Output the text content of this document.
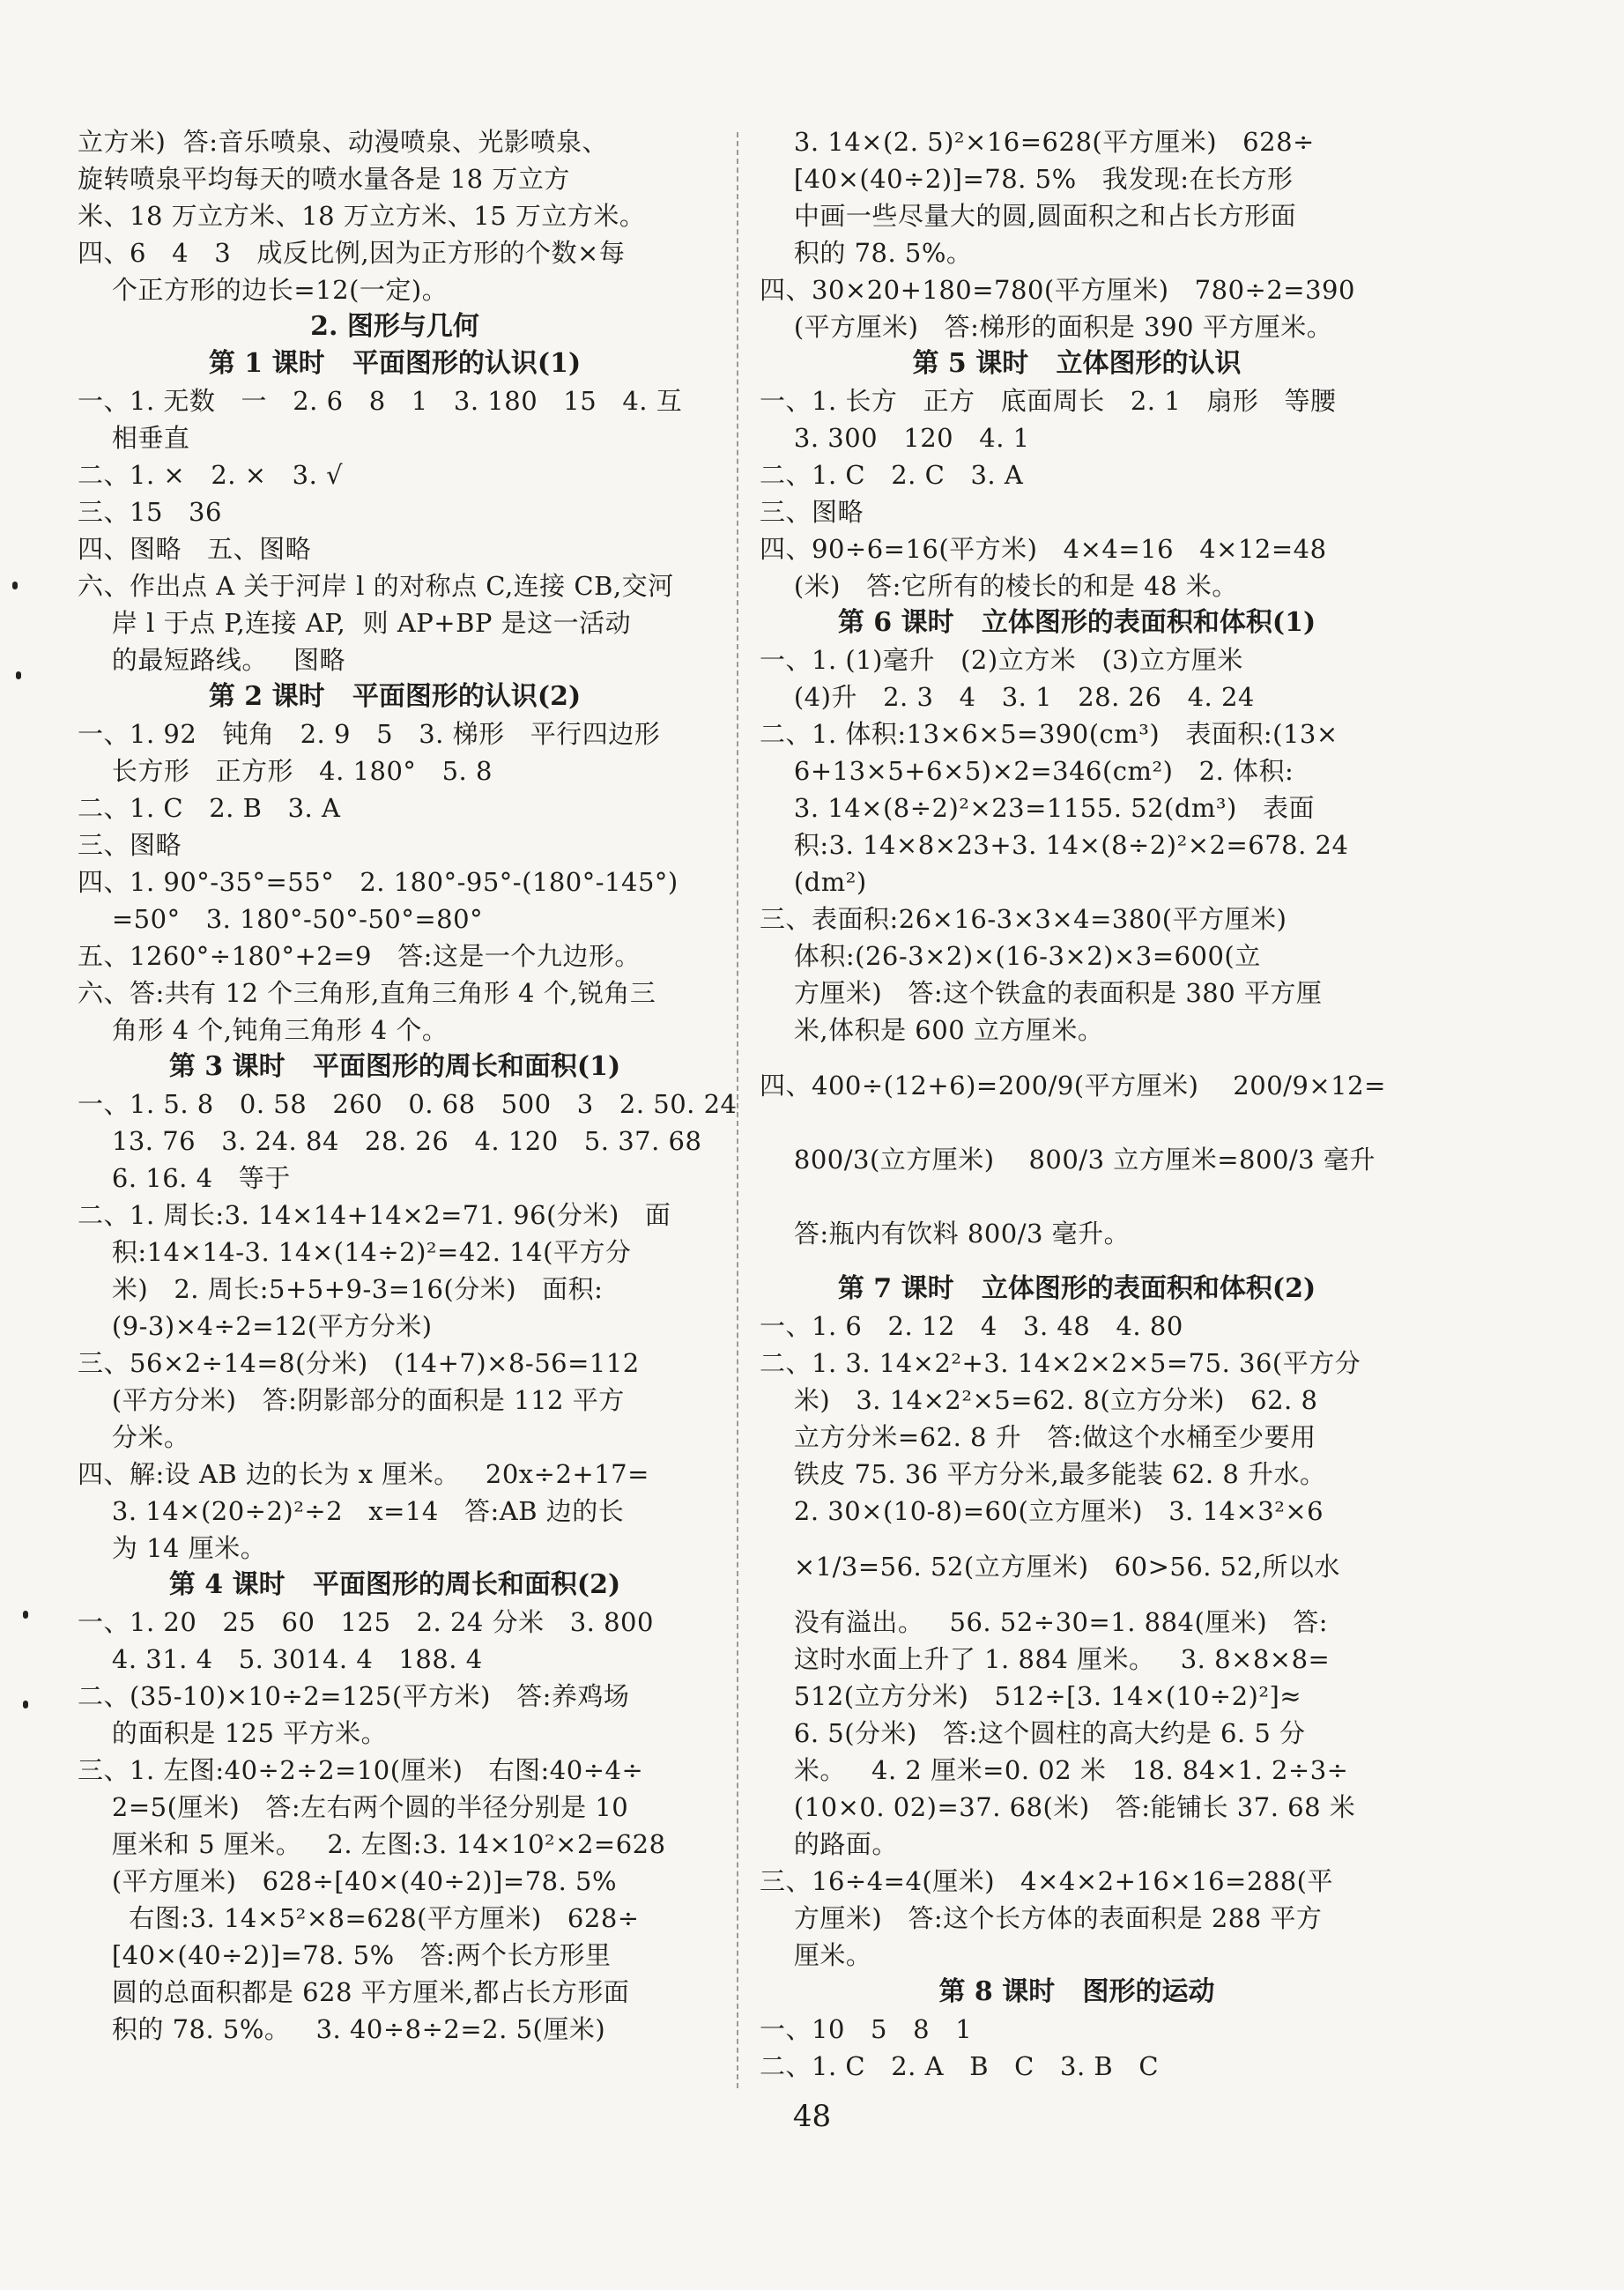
立方米)  答:音乐喷泉、动漫喷泉、光影喷泉、
旋转喷泉平均每天的喷水量各是 18 万立方
米、18 万立方米、18 万立方米、15 万立方米。
四、6   4   3   成反比例,因为正方形的个数×每
个正方形的边长=12(一定)。
2. 图形与几何
第 1 课时   平面图形的认识(1)
一、1. 无数   一   2. 6   8   1   3. 180   15   4. 互
相垂直
二、1. ×   2. ×   3. √
三、15   36
四、图略   五、图略
六、作出点 A 关于河岸 l 的对称点 C,连接 CB,交河
岸 l 于点 P,连接 AP,  则 AP+BP 是这一活动
的最短路线。   图略
第 2 课时   平面图形的认识(2)
一、1. 92   钝角   2. 9   5   3. 梯形   平行四边形
长方形   正方形   4. 180°   5. 8
二、1. C   2. B   3. A
三、图略
四、1. 90°-35°=55°   2. 180°-95°-(180°-145°)
=50°   3. 180°-50°-50°=80°
五、1260°÷180°+2=9   答:这是一个九边形。
六、答:共有 12 个三角形,直角三角形 4 个,锐角三
角形 4 个,钝角三角形 4 个。
第 3 课时   平面图形的周长和面积(1)
一、1. 5. 8   0. 58   260   0. 68   500   3   2. 50. 24
13. 76   3. 24. 84   28. 26   4. 120   5. 37. 68
6. 16. 4   等于
二、1. 周长:3. 14×14+14×2=71. 96(分米)   面
积:14×14-3. 14×(14÷2)²=42. 14(平方分
米)   2. 周长:5+5+9-3=16(分米)   面积:
(9-3)×4÷2=12(平方分米)
三、56×2÷14=8(分米)   (14+7)×8-56=112
(平方分米)   答:阴影部分的面积是 112 平方
分米。
四、解:设 AB 边的长为 x 厘米。   20x÷2+17=
3. 14×(20÷2)²÷2   x=14   答:AB 边的长
为 14 厘米。
第 4 课时   平面图形的周长和面积(2)
一、1. 20   25   60   125   2. 24 分米   3. 800
4. 31. 4   5. 3014. 4   188. 4
二、(35-10)×10÷2=125(平方米)   答:养鸡场
的面积是 125 平方米。
三、1. 左图:40÷2÷2=10(厘米)   右图:40÷4÷
2=5(厘米)   答:左右两个圆的半径分别是 10
厘米和 5 厘米。   2. 左图:3. 14×10²×2=628
(平方厘米)   628÷[40×(40÷2)]=78. 5%
右图:3. 14×5²×8=628(平方厘米)   628÷
[40×(40÷2)]=78. 5%   答:两个长方形里
圆的总面积都是 628 平方厘米,都占长方形面
积的 78. 5%。   3. 40÷8÷2=2. 5(厘米)
3. 14×(2. 5)²×16=628(平方厘米)   628÷
[40×(40÷2)]=78. 5%   我发现:在长方形
中画一些尽量大的圆,圆面积之和占长方形面
积的 78. 5%。
四、30×20+180=780(平方厘米)   780÷2=390
(平方厘米)   答:梯形的面积是 390 平方厘米。
第 5 课时   立体图形的认识
一、1. 长方   正方   底面周长   2. 1   扇形   等腰
3. 300   120   4. 1
二、1. C   2. C   3. A
三、图略
四、90÷6=16(平方米)   4×4=16   4×12=48
(米)   答:它所有的棱长的和是 48 米。
第 6 课时   立体图形的表面积和体积(1)
一、1. (1)毫升   (2)立方米   (3)立方厘米
(4)升   2. 3   4   3. 1   28. 26   4. 24
二、1. 体积:13×6×5=390(cm³)   表面积:(13×
6+13×5+6×5)×2=346(cm²)   2. 体积:
3. 14×(8÷2)²×23=1155. 52(dm³)   表面
积:3. 14×8×23+3. 14×(8÷2)²×2=678. 24
(dm²)
三、表面积:26×16-3×3×4=380(平方厘米)
体积:(26-3×2)×(16-3×2)×3=600(立
方厘米)   答:这个铁盒的表面积是 380 平方厘
米,体积是 600 立方厘米。
四、400÷(12+6)=200/9(平方厘米)    200/9×12=
800/3(立方厘米)    800/3 立方厘米=800/3 毫升
答:瓶内有饮料 800/3 毫升。
第 7 课时   立体图形的表面积和体积(2)
一、1. 6   2. 12   4   3. 48   4. 80
二、1. 3. 14×2²+3. 14×2×2×5=75. 36(平方分
米)   3. 14×2²×5=62. 8(立方分米)   62. 8
立方分米=62. 8 升   答:做这个水桶至少要用
铁皮 75. 36 平方分米,最多能装 62. 8 升水。
2. 30×(10-8)=60(立方厘米)   3. 14×3²×6
×1/3=56. 52(立方厘米)   60>56. 52,所以水
没有溢出。   56. 52÷30=1. 884(厘米)   答:
这时水面上升了 1. 884 厘米。   3. 8×8×8=
512(立方分米)   512÷[3. 14×(10÷2)²]≈
6. 5(分米)   答:这个圆柱的高大约是 6. 5 分
米。   4. 2 厘米=0. 02 米   18. 84×1. 2÷3÷
(10×0. 02)=37. 68(米)   答:能铺长 37. 68 米
的路面。
三、16÷4=4(厘米)   4×4×2+16×16=288(平
方厘米)   答:这个长方体的表面积是 288 平方
厘米。
第 8 课时   图形的运动
一、10   5   8   1
二、1. C   2. A   B   C   3. B   C
48
